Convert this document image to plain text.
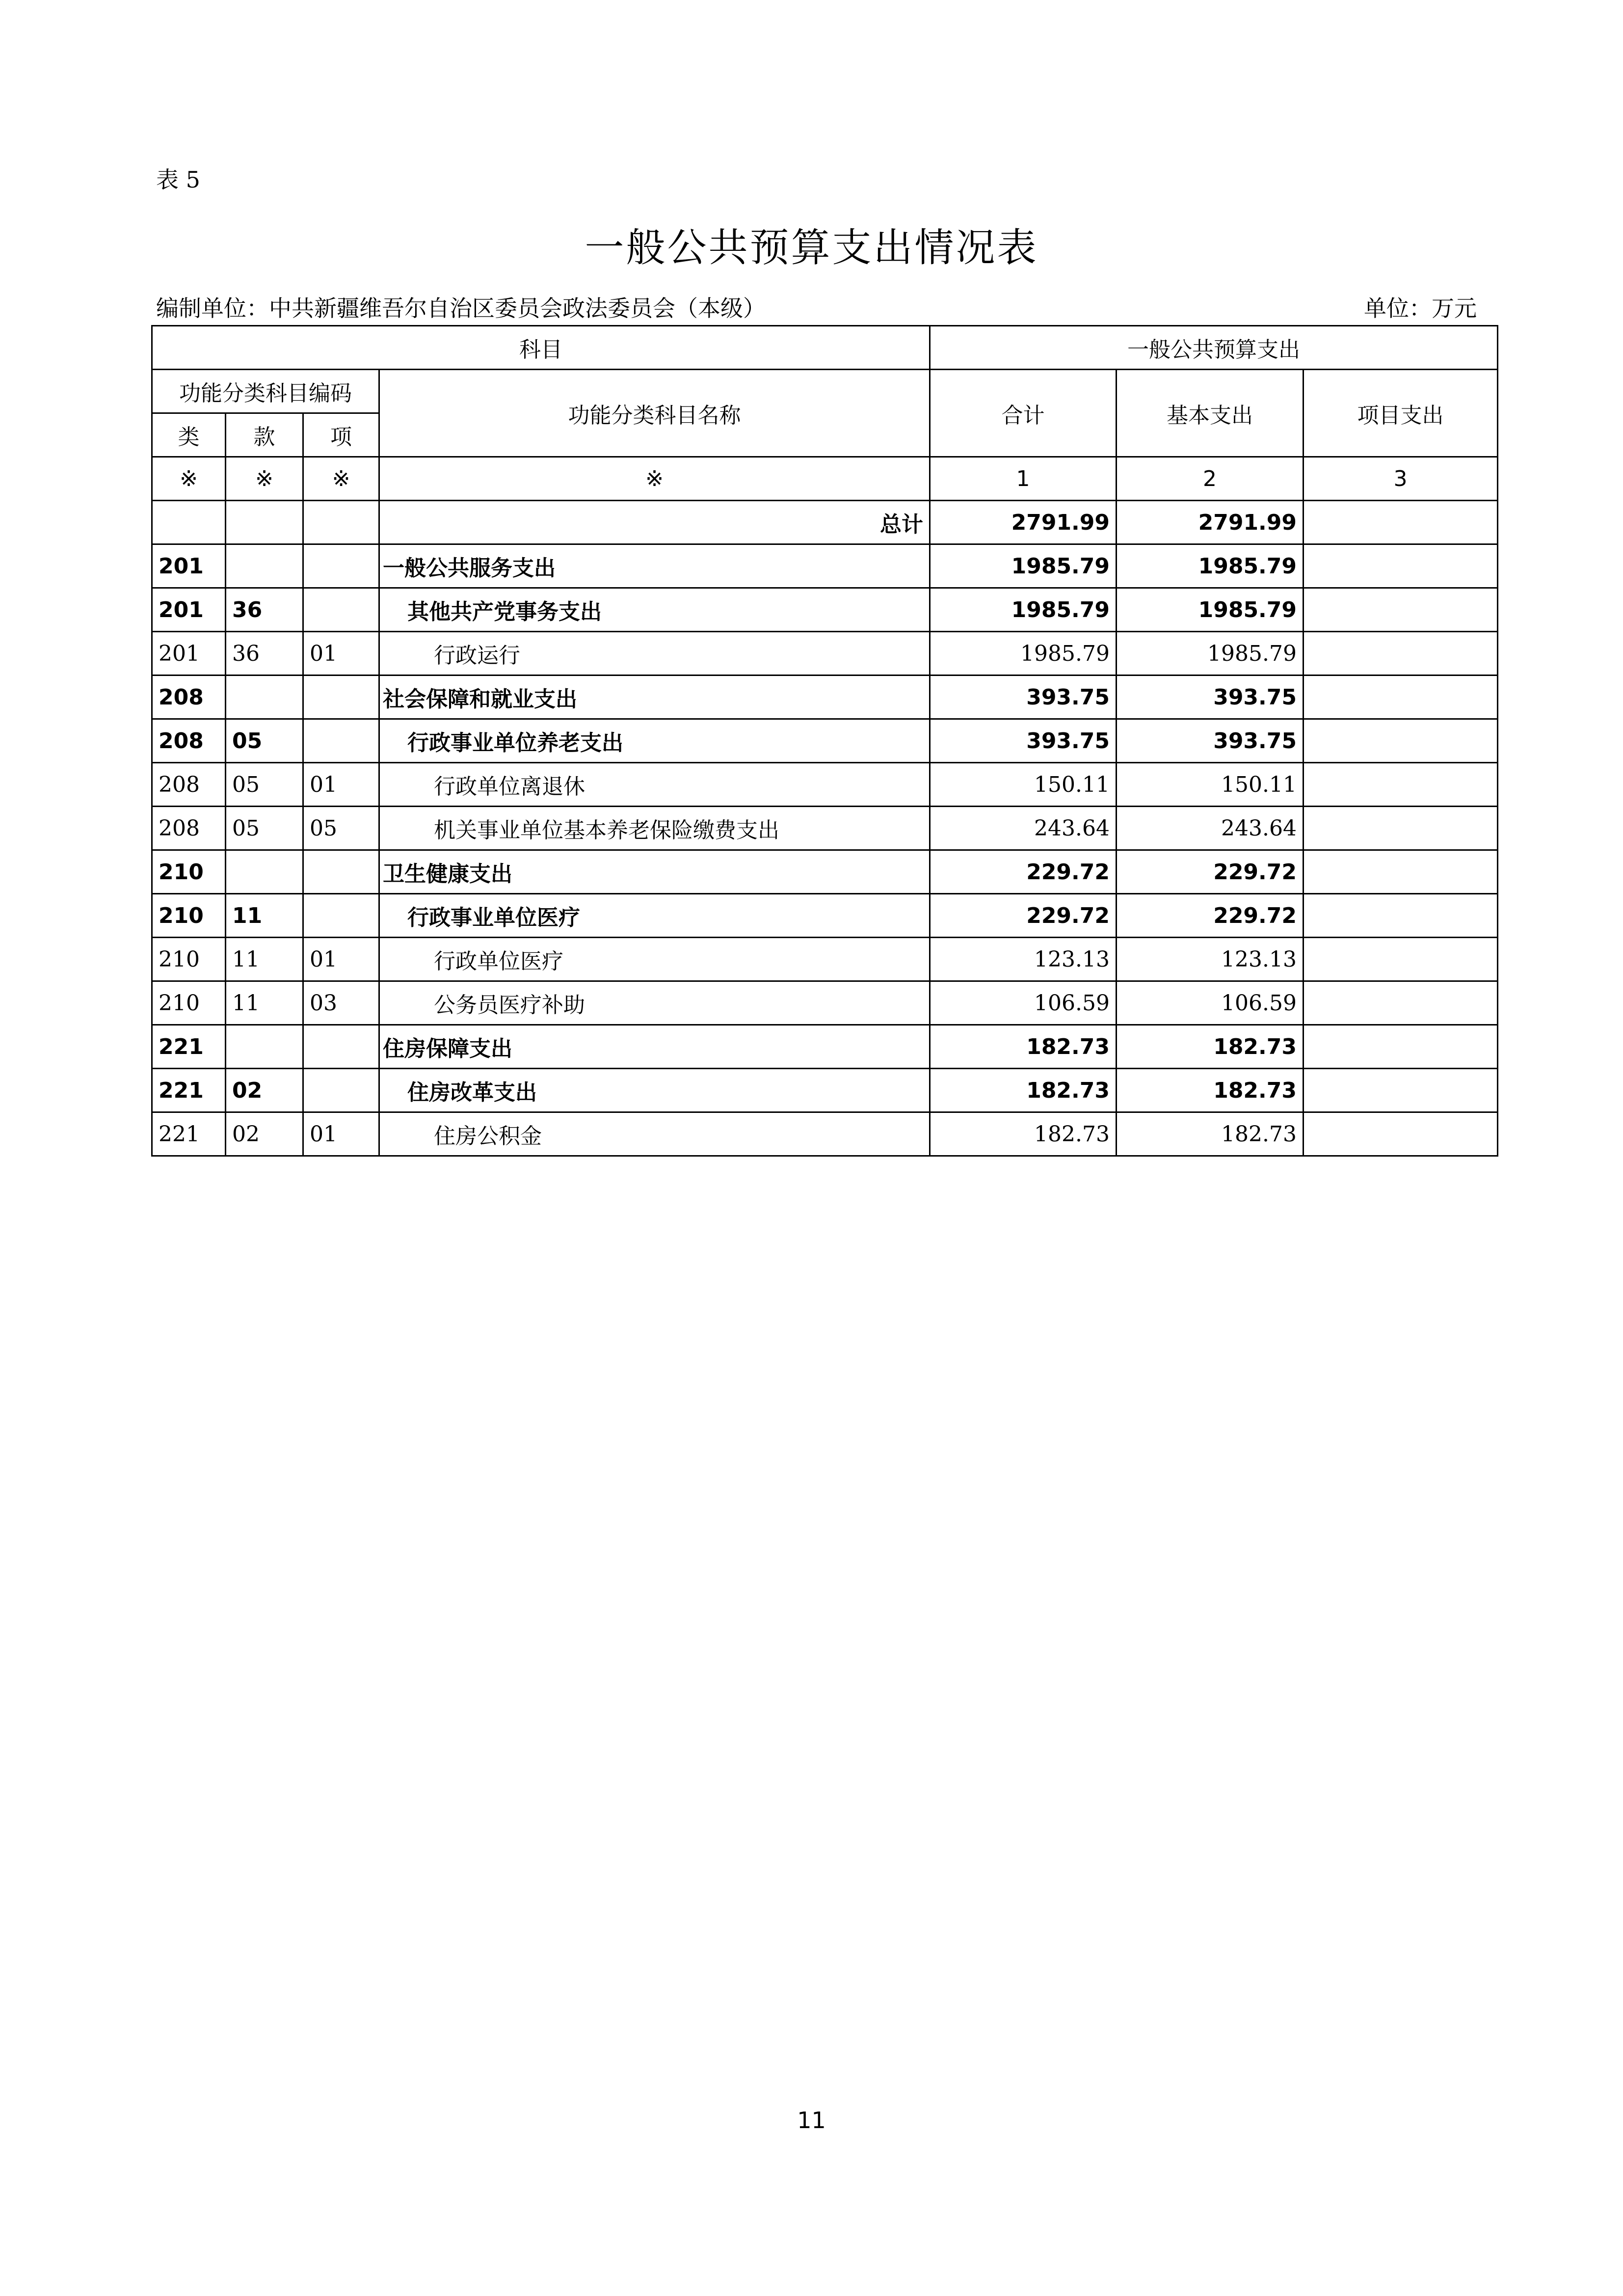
表 5
一般公共预算支出情况表
编制单位：中共新疆维吾尔自治区委员会政法委员会（本级）	单位：万元
科目				一般公共预算支出		
功能分类科目编码			功能分类科目名称	合计	基本支出	项目支出
类	款	项				
※	※	※	※	1	2	3
			总计	2791.99	2791.99	
201			一般公共服务支出	1985.79	1985.79	
201	36		其他共产党事务支出	1985.79	1985.79	
201	36	01	行政运行	1985.79	1985.79	
208			社会保障和就业支出	393.75	393.75	
208	05		行政事业单位养老支出	393.75	393.75	
208	05	01	行政单位离退休	150.11	150.11	
208	05	05	机关事业单位基本养老保险缴费支出	243.64	243.64	
210			卫生健康支出	229.72	229.72	
210	11		行政事业单位医疗	229.72	229.72	
210	11	01	行政单位医疗	123.13	123.13	
210	11	03	公务员医疗补助	106.59	106.59	
221			住房保障支出	182.73	182.73	
221	02		住房改革支出	182.73	182.73	
221	02	01	住房公积金	182.73	182.73	
11
